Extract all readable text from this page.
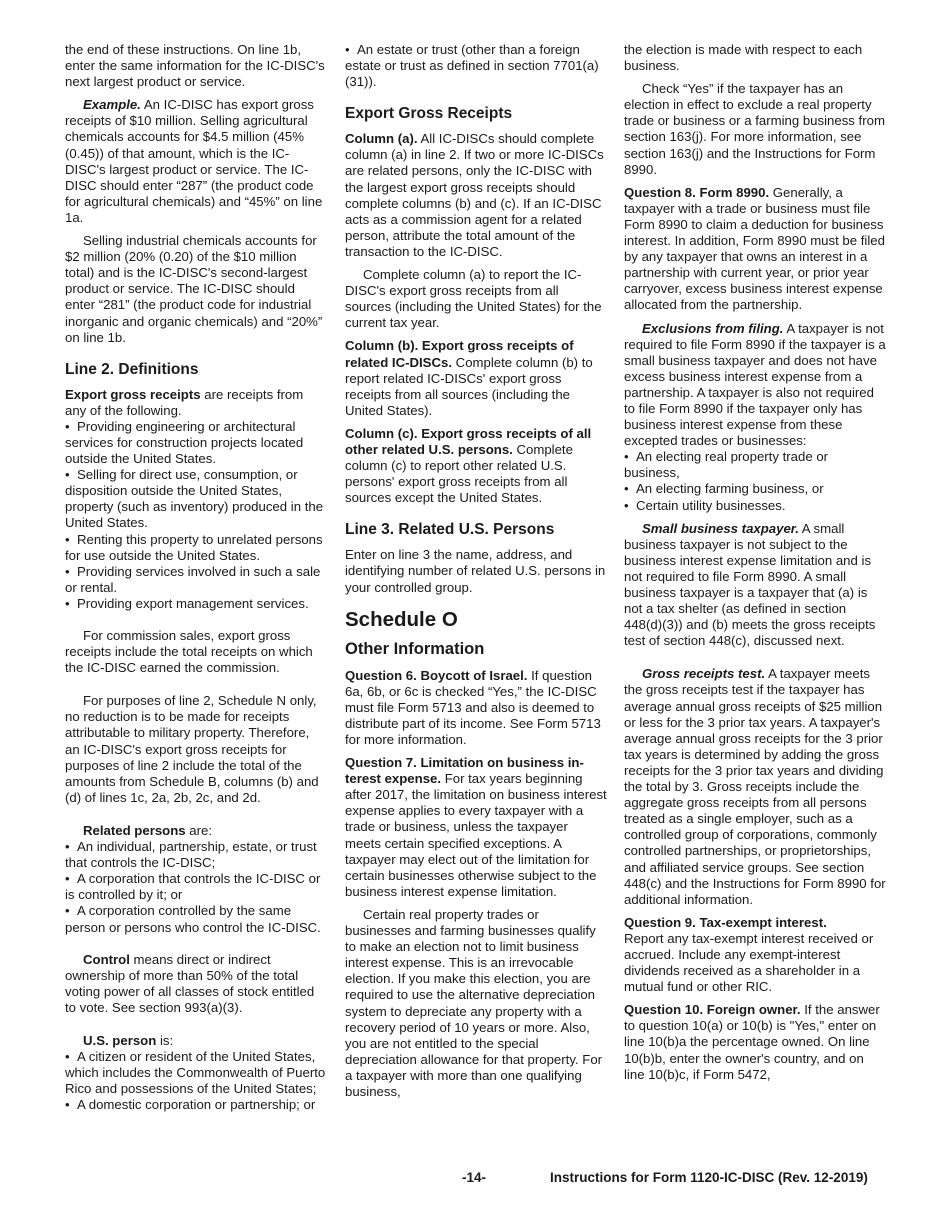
the end of these instructions. On line 1b, enter the same information for the IC-DISC's next largest product or service.

Example. An IC-DISC has export gross receipts of $10 million. Selling agricultural chemicals accounts for $4.5 million (45% (0.45)) of that amount, which is the IC-DISC's largest product or service. The IC-DISC should enter “287” (the product code for agricultural chemicals) and “45%” on line 1a.

Selling industrial chemicals accounts for $2 million (20% (0.20) of the $10 million total) and is the IC-DISC's second-largest product or service. The IC-DISC should enter “281” (the product code for industrial inorganic and organic chemicals) and “20%” on line 1b.

Line 2. Definitions

Export gross receipts are receipts from any of the following.

• Providing engineering or architectural services for construction projects located outside the United States.
• Selling for direct use, consumption, or disposition outside the United States, property (such as inventory) produced in the United States.
• Renting this property to unrelated persons for use outside the United States.
• Providing services involved in such a sale or rental.
• Providing export management services.

For commission sales, export gross receipts include the total receipts on which the IC-DISC earned the commission.

For purposes of line 2, Schedule N only, no reduction is to be made for receipts attributable to military property. Therefore, an IC-DISC's export gross receipts for purposes of line 2 include the total of the amounts from Schedule B, columns (b) and (d) of lines 1c, 2a, 2b, 2c, and 2d.

Related persons are:

• An individual, partnership, estate, or trust that controls the IC-DISC;
• A corporation that controls the IC-DISC or is controlled by it; or
• A corporation controlled by the same person or persons who control the IC-DISC.

Control means direct or indirect ownership of more than 50% of the total voting power of all classes of stock entitled to vote. See section 993(a)(3).

U.S. person is:

• A citizen or resident of the United States, which includes the Commonwealth of Puerto Rico and possessions of the United States;
• A domestic corporation or partnership; or
• An estate or trust (other than a foreign estate or trust as defined in section 7701(a)(31)).
Export Gross Receipts

Column (a). All IC-DISCs should complete column (a) in line 2. If two or more IC-DISCs are related persons, only the IC-DISC with the largest export gross receipts should complete columns (b) and (c). If an IC-DISC acts as a commission agent for a related person, attribute the total amount of the transaction to the IC-DISC.

Complete column (a) to report the IC-DISC's export gross receipts from all sources (including the United States) for the current tax year.

Column (b). Export gross receipts of related IC-DISCs. Complete column (b) to report related IC-DISCs' export gross receipts from all sources (including the United States).

Column (c). Export gross receipts of all other related U.S. persons. Complete column (c) to report other related U.S. persons' export gross receipts from all sources except the United States.

Line 3. Related U.S. Persons

Enter on line 3 the name, address, and identifying number of related U.S. persons in your controlled group.

Schedule O
Other Information

Question 6. Boycott of Israel. If question 6a, 6b, or 6c is checked “Yes,” the IC-DISC must file Form 5713 and also is deemed to distribute part of its income. See Form 5713 for more information.

Question 7. Limitation on business in-terest expense. For tax years beginning after 2017, the limitation on business interest expense applies to every taxpayer with a trade or business, unless the taxpayer meets certain specified exceptions. A taxpayer may elect out of the limitation for certain businesses otherwise subject to the business interest expense limitation.

Certain real property trades or businesses and farming businesses qualify to make an election not to limit business interest expense. This is an irrevocable election. If you make this election, you are required to use the alternative depreciation system to depreciate any property with a recovery period of 10 years or more. Also, you are not entitled to the special depreciation allowance for that property. For a taxpayer with more than one qualifying business,

the election is made with respect to each business.

Check “Yes” if the taxpayer has an election in effect to exclude a real property trade or business or a farming business from section 163(j). For more information, see section 163(j) and the Instructions for Form 8990.

Question 8. Form 8990. Generally, a taxpayer with a trade or business must file Form 8990 to claim a deduction for business interest. In addition, Form 8990 must be filed by any taxpayer that owns an interest in a partnership with current year, or prior year carryover, excess business interest expense allocated from the partnership.

Exclusions from filing. A taxpayer is not required to file Form 8990 if the taxpayer is a small business taxpayer and does not have excess business interest expense from a partnership. A taxpayer is also not required to file Form 8990 if the taxpayer only has business interest expense from these excepted trades or businesses:

• An electing real property trade or business,
• An electing farming business, or
• Certain utility businesses.

Small business taxpayer. A small business taxpayer is not subject to the business interest expense limitation and is not required to file Form 8990. A small business taxpayer is a taxpayer that (a) is not a tax shelter (as defined in section 448(d)(3)) and (b) meets the gross receipts test of section 448(c), discussed next.

Gross receipts test. A taxpayer meets the gross receipts test if the taxpayer has average annual gross receipts of $25 million or less for the 3 prior tax years. A taxpayer's average annual gross receipts for the 3 prior tax years is determined by adding the gross receipts for the 3 prior tax years and dividing the total by 3. Gross receipts include the aggregate gross receipts from all persons treated as a single employer, such as a controlled group of corporations, commonly controlled partnerships, or proprietorships, and affiliated service groups. See section 448(c) and the Instructions for Form 8990 for additional information.

Question 9. Tax-exempt interest.
Report any tax-exempt interest received or accrued. Include any exempt-interest dividends received as a shareholder in a mutual fund or other RIC.

Question 10. Foreign owner. If the answer to question 10(a) or 10(b) is "Yes," enter on line 10(b)a the percentage owned. On line 10(b)b, enter the owner's country, and on line 10(b)c, if Form 5472,

-14-	Instructions for Form 1120-IC-DISC (Rev. 12-2019)
